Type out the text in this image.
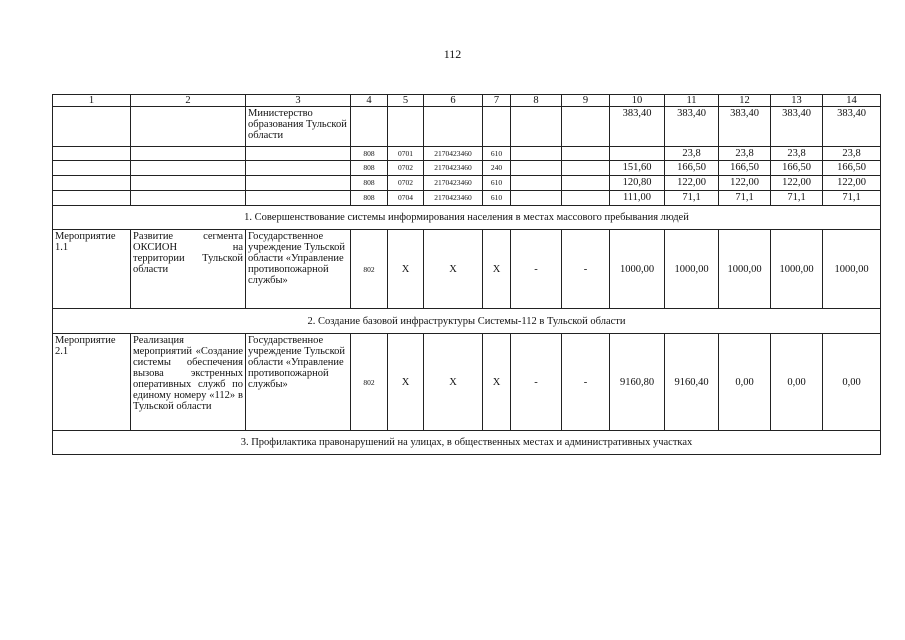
112
1	2	3	4	5	6	7	8	9	10	11	12	13	14
		Министерство образования Тульской области							383,40	383,40	383,40	383,40	383,40
			808	0701	2170423460	610				23,8	23,8	23,8	23,8
			808	0702	2170423460	240			151,60	166,50	166,50	166,50	166,50
			808	0702	2170423460	610			120,80	122,00	122,00	122,00	122,00
			808	0704	2170423460	610			111,00	71,1	71,1	71,1	71,1
1. Совершенствование системы информирования населения в местах массового пребывания людей													
Мероприятие 1.1	Развитие сегмента ОКСИОН на территории Тульской области	Государственное учреждение Тульской области «Управление противопожарной службы»	802	X	X	X	-	-	1000,00	1000,00	1000,00	1000,00	1000,00
2. Создание базовой инфраструктуры Системы-112 в Тульской области													
Мероприятие 2.1	Реализация мероприятий «Создание системы обеспечения вызова экстренных оперативных служб по единому номеру «112» в Тульской области	Государственное учреждение Тульской области «Управление противопожарной службы»	802	X	X	X	-	-	9160,80	9160,40	0,00	0,00	0,00
3. Профилактика правонарушений на улицах, в общественных местах и административных участках													
